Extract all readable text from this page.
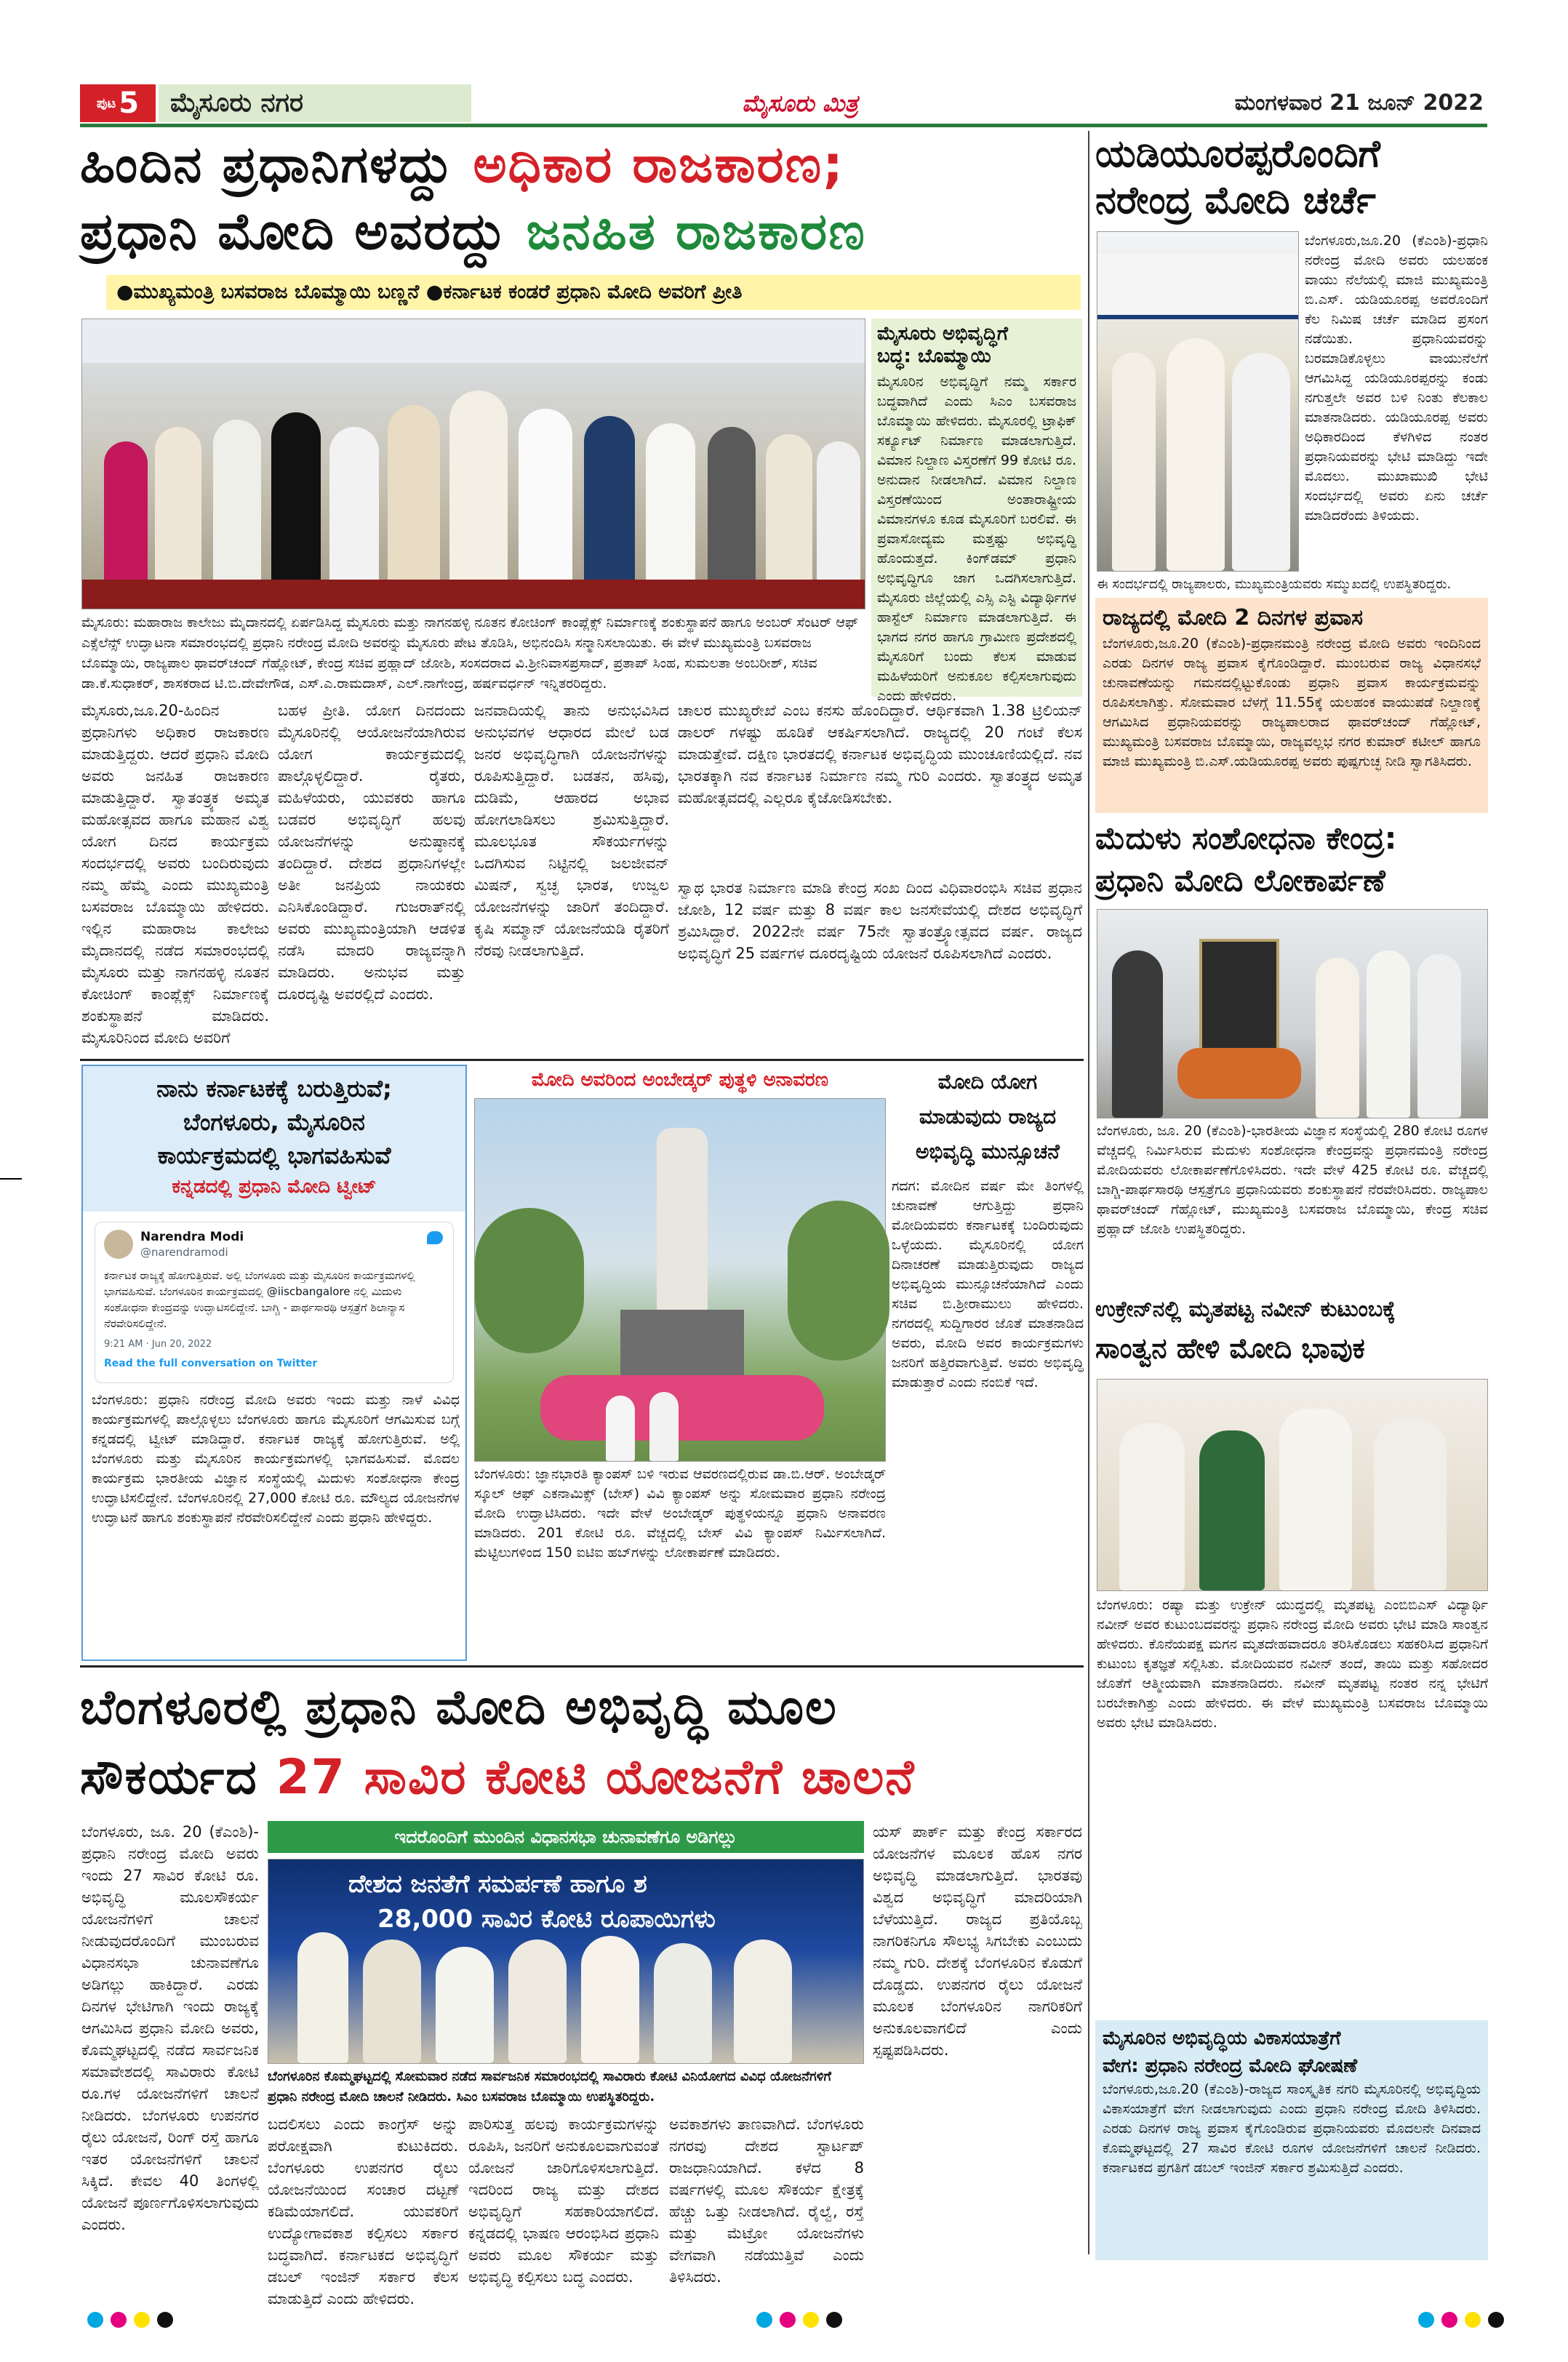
ಪುಟ 5	ಮೈಸೂರು ನಗರ	ಮೈಸೂರು ಮಿತ್ರ	ಮಂಗಳವಾರ 21 ಜೂನ್ 2022
ಹಿಂದಿನ ಪ್ರಧಾನಿಗಳದ್ದು ಅಧಿಕಾರ ರಾಜಕಾರಣ;
ಪ್ರಧಾನಿ ಮೋದಿ ಅವರದ್ದು ಜನಹಿತ ರಾಜಕಾರಣ
●ಮುಖ್ಯಮಂತ್ರಿ ಬಸವರಾಜ ಬೊಮ್ಮಾಯಿ ಬಣ್ಣನೆ ●ಕರ್ನಾಟಕ ಕಂಡರೆ ಪ್ರಧಾನಿ ಮೋದಿ ಅವರಿಗೆ ಪ್ರೀತಿ
ಮೈಸೂರು: ಮಹಾರಾಜ ಕಾಲೇಜು ಮೈದಾನದಲ್ಲಿ ಏರ್ಪಡಿಸಿದ್ದ ಮೈಸೂರು ಮತ್ತು ನಾಗನಹಳ್ಳಿ ನೂತನ ಕೋಚಿಂಗ್ ಕಾಂಪ್ಲೆಕ್ಸ್ ನಿರ್ಮಾಣಕ್ಕೆ ಶಂಕುಸ್ಥಾಪನೆ ಹಾಗೂ ಅಂಬರ್ ಸೆಂಟರ್ ಆಫ್ ಎಕ್ಸೆಲೆನ್ಸ್ ಉದ್ಘಾಟನಾ ಸಮಾರಂಭದಲ್ಲಿ ಪ್ರಧಾನಿ ನರೇಂದ್ರ ಮೋದಿ ಅವರನ್ನು ಮೈಸೂರು ಪೇಟ ತೊಡಿಸಿ, ಅಭಿನಂದಿಸಿ ಸನ್ಮಾನಿಸಲಾಯಿತು. ಈ ವೇಳೆ ಮುಖ್ಯಮಂತ್ರಿ ಬಸವರಾಜ ಬೊಮ್ಮಾಯಿ, ರಾಜ್ಯಪಾಲ ಥಾವರ್‌ಚಂದ್ ಗೆಹ್ಲೋಟ್, ಕೇಂದ್ರ ಸಚಿವ ಪ್ರಹ್ಲಾದ್ ಜೋಶಿ, ಸಂಸದರಾದ ವಿ.ಶ್ರೀನಿವಾಸಪ್ರಸಾದ್, ಪ್ರತಾಪ್ ಸಿಂಹ, ಸುಮಲತಾ ಅಂಬರೀಶ್, ಸಚಿವ ಡಾ.ಕೆ.ಸುಧಾಕರ್, ಶಾಸಕರಾದ ಟಿ.ಬಿ.ದೇವೇಗೌಡ, ಎಸ್.ಎ.ರಾಮದಾಸ್, ಎಲ್.ನಾಗೇಂದ್ರ, ಹರ್ಷವರ್ಧನ್ ಇನ್ನಿತರರಿದ್ದರು.
ಮೈಸೂರು ಅಭಿವೃದ್ಧಿಗೆ
ಬದ್ಧ: ಬೊಮ್ಮಾಯಿ
ಮೈಸೂರಿನ ಅಭಿವೃದ್ಧಿಗೆ ನಮ್ಮ ಸರ್ಕಾರ ಬದ್ಧವಾಗಿದೆ ಎಂದು ಸಿಎಂ ಬಸವರಾಜ ಬೊಮ್ಮಾಯಿ ಹೇಳಿದರು. ಮೈಸೂರಲ್ಲಿ ಟ್ರಾಫಿಕ್ ಸರ್ಕ್ಯೂಟ್ ನಿರ್ಮಾಣ ಮಾಡಲಾಗುತ್ತಿದೆ. ವಿಮಾನ ನಿಲ್ದಾಣ ವಿಸ್ತರಣೆಗೆ 99 ಕೋಟಿ ರೂ. ಅನುದಾನ ನೀಡಲಾಗಿದೆ. ವಿಮಾನ ನಿಲ್ದಾಣ ವಿಸ್ತರಣೆಯಿಂದ ಅಂತಾರಾಷ್ಟ್ರೀಯ ವಿಮಾನಗಳೂ ಕೂಡ ಮೈಸೂರಿಗೆ ಬರಲಿವೆ. ಈ ಪ್ರವಾಸೋದ್ಯಮ ಮತ್ತಷ್ಟು ಅಭಿವೃದ್ಧಿ ಹೊಂದುತ್ತದೆ. ಕಿಂಗ್‌ಡಮ್ ಪ್ರಧಾನಿ ಅಭಿವೃದ್ಧಿಗೂ ಜಾಗ ಒದಗಿಸಲಾಗುತ್ತಿದೆ. ಮೈಸೂರು ಜಿಲ್ಲೆಯಲ್ಲಿ ಎಸ್ಸಿ ಎಸ್ಟಿ ವಿದ್ಯಾರ್ಥಿಗಳ ಹಾಸ್ಟೆಲ್ ನಿರ್ಮಾಣ ಮಾಡಲಾಗುತ್ತಿದೆ. ಈ ಭಾಗದ ನಗರ ಹಾಗೂ ಗ್ರಾಮೀಣ ಪ್ರದೇಶದಲ್ಲಿ ಮೈಸೂರಿಗೆ ಬಂದು ಕೆಲಸ ಮಾಡುವ ಮಹಿಳೆಯರಿಗೆ ಅನುಕೂಲ ಕಲ್ಪಿಸಲಾಗುವುದು ಎಂದು ಹೇಳಿದರು.
ಮೈಸೂರು,ಜೂ.20-ಹಿಂದಿನ ಪ್ರಧಾನಿಗಳು ಅಧಿಕಾರ ರಾಜಕಾರಣ ಮಾಡುತ್ತಿದ್ದರು. ಆದರೆ ಪ್ರಧಾನಿ ಮೋದಿ ಅವರು ಜನಹಿತ ರಾಜಕಾರಣ ಮಾಡುತ್ತಿದ್ದಾರೆ. ಸ್ವಾತಂತ್ರ್ಯಕ ಅಮೃತ ಮಹೋತ್ಸವದ ಹಾಗೂ ಮಹಾನ ವಿಶ್ವ ಯೋಗ ದಿನದ ಕಾರ್ಯಕ್ರಮ ಸಂದರ್ಭದಲ್ಲಿ ಅವರು ಬಂದಿರುವುದು ನಮ್ಮ ಹೆಮ್ಮೆ ಎಂದು ಮುಖ್ಯಮಂತ್ರಿ ಬಸವರಾಜ ಬೊಮ್ಮಾಯಿ ಹೇಳಿದರು. ಇಲ್ಲಿನ ಮಹಾರಾಜ ಕಾಲೇಜು ಮೈದಾನದಲ್ಲಿ ನಡೆದ ಸಮಾರಂಭದಲ್ಲಿ ಮೈಸೂರು ಮತ್ತು ನಾಗನಹಳ್ಳಿ ನೂತನ ಕೋಚಿಂಗ್ ಕಾಂಪ್ಲೆಕ್ಸ್ ನಿರ್ಮಾಣಕ್ಕೆ ಶಂಕುಸ್ಥಾಪನೆ ಮಾಡಿದರು. ಮೈಸೂರಿನಿಂದ ಮೋದಿ ಅವರಿಗೆ
ಬಹಳ ಪ್ರೀತಿ. ಯೋಗ ದಿನದಂದು ಮೈಸೂರಿನಲ್ಲಿ ಆಯೋಜನೆಯಾಗಿರುವ ಯೋಗ ಕಾರ್ಯಕ್ರಮದಲ್ಲಿ ಪಾಲ್ಗೊಳ್ಳಲಿದ್ದಾರೆ. ರೈತರು, ಮಹಿಳೆಯರು, ಯುವಕರು ಹಾಗೂ ಬಡವರ ಅಭಿವೃದ್ಧಿಗೆ ಹಲವು ಯೋಜನೆಗಳನ್ನು ಅನುಷ್ಠಾನಕ್ಕೆ ತಂದಿದ್ದಾರೆ. ದೇಶದ ಪ್ರಧಾನಿಗಳಲ್ಲೇ ಅತೀ ಜನಪ್ರಿಯ ನಾಯಕರು ಎನಿಸಿಕೊಂಡಿದ್ದಾರೆ. ಗುಜರಾತ್‌ನಲ್ಲಿ ಅವರು ಮುಖ್ಯಮಂತ್ರಿಯಾಗಿ ಆಡಳಿತ ನಡೆಸಿ ಮಾದರಿ ರಾಜ್ಯವನ್ನಾಗಿ ಮಾಡಿದರು. ಅನುಭವ ಮತ್ತು ದೂರದೃಷ್ಟಿ ಅವರಲ್ಲಿದೆ ಎಂದರು.
ಜನವಾದಿಯಲ್ಲಿ ತಾನು ಅನುಭವಿಸಿದ ಅನುಭವಗಳ ಆಧಾರದ ಮೇಲೆ ಬಡ ಜನರ ಅಭಿವೃದ್ಧಿಗಾಗಿ ಯೋಜನೆಗಳನ್ನು ರೂಪಿಸುತ್ತಿದ್ದಾರೆ. ಬಡತನ, ಹಸಿವು, ದುಡಿಮೆ, ಆಹಾರದ ಅಭಾವ ಹೋಗಲಾಡಿಸಲು ಶ್ರಮಿಸುತ್ತಿದ್ದಾರೆ. ಮೂಲಭೂತ ಸೌಕರ್ಯಗಳನ್ನು ಒದಗಿಸುವ ನಿಟ್ಟಿನಲ್ಲಿ ಜಲಜೀವನ್ ಮಿಷನ್, ಸ್ವಚ್ಛ ಭಾರತ, ಉಜ್ವಲ ಯೋಜನೆಗಳನ್ನು ಜಾರಿಗೆ ತಂದಿದ್ದಾರೆ. ಕೃಷಿ ಸಮ್ಮಾನ್ ಯೋಜನೆಯಡಿ ರೈತರಿಗೆ ನೆರವು ನೀಡಲಾಗುತ್ತಿದೆ.
ಚಾಲರ ಮುಖ್ಯರೇಖೆ ಎಂಬ ಕನಸು ಹೊಂದಿದ್ದಾರೆ. ಆರ್ಥಿಕವಾಗಿ 1.38 ಟ್ರಿಲಿಯನ್ ಡಾಲರ್ ಗಳಷ್ಟು ಹೂಡಿಕೆ ಆಕರ್ಷಿಸಲಾಗಿದೆ. ರಾಜ್ಯದಲ್ಲಿ 20 ಗಂಟೆ ಕೆಲಸ ಮಾಡುತ್ತೇವೆ. ದಕ್ಷಿಣ ಭಾರತದಲ್ಲಿ ಕರ್ನಾಟಕ ಅಭಿವೃದ್ಧಿಯ ಮುಂಚೂಣಿಯಲ್ಲಿದೆ. ನವ ಭಾರತಕ್ಕಾಗಿ ನವ ಕರ್ನಾಟಕ ನಿರ್ಮಾಣ ನಮ್ಮ ಗುರಿ ಎಂದರು. ಸ್ವಾತಂತ್ರ್ಯದ ಅಮೃತ ಮಹೋತ್ಸವದಲ್ಲಿ ಎಲ್ಲರೂ ಕೈಜೋಡಿಸಬೇಕು.
ಸ್ವಾಥ ಭಾರತ ನಿರ್ಮಾಣ ಮಾಡಿ ಕೇಂದ್ರ ಸಂಖ ದಿಂದ ವಿಧಿವಾರಂಭಿಸಿ ಸಚಿವ ಪ್ರಧಾನ ಜೋಶಿ, 12 ವರ್ಷ ಮತ್ತು 8 ವರ್ಷ ಕಾಲ ಜನಸೇವೆಯಲ್ಲಿ ದೇಶದ ಅಭಿವೃದ್ಧಿಗೆ ಶ್ರಮಿಸಿದ್ದಾರೆ. 2022ನೇ ವರ್ಷ 75ನೇ ಸ್ವಾತಂತ್ರ್ಯೋತ್ಸವದ ವರ್ಷ. ರಾಜ್ಯದ ಅಭಿವೃದ್ಧಿಗೆ 25 ವರ್ಷಗಳ ದೂರದೃಷ್ಟಿಯ ಯೋಜನೆ ರೂಪಿಸಲಾಗಿದೆ ಎಂದರು.
ಯಡಿಯೂರಪ್ಪರೊಂದಿಗೆ
ನರೇಂದ್ರ ಮೋದಿ ಚರ್ಚೆ
ಬೆಂಗಳೂರು,ಜೂ.20 (ಕೆಎಂಶಿ)-ಪ್ರಧಾನಿ ನರೇಂದ್ರ ಮೋದಿ ಅವರು ಯಲಹಂಕ ವಾಯು ನೆಲೆಯಲ್ಲಿ ಮಾಜಿ ಮುಖ್ಯಮಂತ್ರಿ ಬಿ.ಎಸ್. ಯಡಿಯೂರಪ್ಪ ಅವರೊಂದಿಗೆ ಕೆಲ ನಿಮಿಷ ಚರ್ಚೆ ಮಾಡಿದ ಪ್ರಸಂಗ ನಡೆಯಿತು. ಪ್ರಧಾನಿಯವರನ್ನು ಬರಮಾಡಿಕೊಳ್ಳಲು ವಾಯುನೆಲೆಗೆ ಆಗಮಿಸಿದ್ದ ಯಡಿಯೂರಪ್ಪರನ್ನು ಕಂಡು ನಗುತ್ತಲೇ ಅವರ ಬಳಿ ನಿಂತು ಕೆಲಕಾಲ ಮಾತನಾಡಿದರು. ಯಡಿಯೂರಪ್ಪ ಅವರು ಅಧಿಕಾರದಿಂದ ಕೆಳಗಿಳಿದ ನಂತರ ಪ್ರಧಾನಿಯವರನ್ನು ಭೇಟಿ ಮಾಡಿದ್ದು ಇದೇ ಮೊದಲು. ಮುಖಾಮುಖಿ ಭೇಟಿ ಸಂದರ್ಭದಲ್ಲಿ ಅವರು ಏನು ಚರ್ಚೆ ಮಾಡಿದರೆಂದು ತಿಳಿಯದು.
ಈ ಸಂದರ್ಭದಲ್ಲಿ ರಾಜ್ಯಪಾಲರು, ಮುಖ್ಯಮಂತ್ರಿಯವರು ಸಮ್ಮುಖದಲ್ಲಿ ಉಪಸ್ಥಿತರಿದ್ದರು.
ರಾಜ್ಯದಲ್ಲಿ ಮೋದಿ 2 ದಿನಗಳ ಪ್ರವಾಸ
ಬೆಂಗಳೂರು,ಜೂ.20 (ಕೆಎಂಶಿ)-ಪ್ರಧಾನಮಂತ್ರಿ ನರೇಂದ್ರ ಮೋದಿ ಅವರು ಇಂದಿನಿಂದ ಎರಡು ದಿನಗಳ ರಾಜ್ಯ ಪ್ರವಾಸ ಕೈಗೊಂಡಿದ್ದಾರೆ. ಮುಂಬರುವ ರಾಜ್ಯ ವಿಧಾನಸಭೆ ಚುನಾವಣೆಯನ್ನು ಗಮನದಲ್ಲಿಟ್ಟುಕೊಂಡು ಪ್ರಧಾನಿ ಪ್ರವಾಸ ಕಾರ್ಯಕ್ರಮವನ್ನು ರೂಪಿಸಲಾಗಿತ್ತು. ಸೋಮವಾರ ಬೆಳಗ್ಗೆ 11.55ಕ್ಕೆ ಯಲಹಂಕ ವಾಯುಪಡೆ ನಿಲ್ದಾಣಕ್ಕೆ ಆಗಮಿಸಿದ ಪ್ರಧಾನಿಯವರನ್ನು ರಾಜ್ಯಪಾಲರಾದ ಥಾವರ್‌ಚಂದ್ ಗೆಹ್ಲೋಟ್, ಮುಖ್ಯಮಂತ್ರಿ ಬಸವರಾಜ ಬೊಮ್ಮಾಯಿ, ರಾಜ್ಯವಲ್ಲಭ ನಗರ ಕುಮಾರ್ ಕಟೀಲ್ ಹಾಗೂ ಮಾಜಿ ಮುಖ್ಯಮಂತ್ರಿ ಬಿ.ಎಸ್.ಯಡಿಯೂರಪ್ಪ ಅವರು ಪುಷ್ಪಗುಚ್ಛ ನೀಡಿ ಸ್ವಾಗತಿಸಿದರು.
ಮೆದುಳು ಸಂಶೋಧನಾ ಕೇಂದ್ರ:
ಪ್ರಧಾನಿ ಮೋದಿ ಲೋಕಾರ್ಪಣೆ
ಬೆಂಗಳೂರು, ಜೂ. 20 (ಕೆಎಂಶಿ)-ಭಾರತೀಯ ವಿಜ್ಞಾನ ಸಂಸ್ಥೆಯಲ್ಲಿ 280 ಕೋಟಿ ರೂಗಳ ವೆಚ್ಚದಲ್ಲಿ ನಿರ್ಮಿಸಿರುವ ಮೆದುಳು ಸಂಶೋಧನಾ ಕೇಂದ್ರವನ್ನು ಪ್ರಧಾನಮಂತ್ರಿ ನರೇಂದ್ರ ಮೋದಿಯವರು ಲೋಕಾರ್ಪಣೆಗೊಳಿಸಿದರು. ಇದೇ ವೇಳೆ 425 ಕೋಟಿ ರೂ. ವೆಚ್ಚದಲ್ಲಿ ಬಾಗ್ಚಿ-ಪಾರ್ಥಸಾರಥಿ ಆಸ್ಪತ್ರೆಗೂ ಪ್ರಧಾನಿಯವರು ಶಂಕುಸ್ಥಾಪನೆ ನೆರವೇರಿಸಿದರು. ರಾಜ್ಯಪಾಲ ಥಾವರ್‌ಚಂದ್ ಗೆಹ್ಲೋಟ್, ಮುಖ್ಯಮಂತ್ರಿ ಬಸವರಾಜ ಬೊಮ್ಮಾಯಿ, ಕೇಂದ್ರ ಸಚಿವ ಪ್ರಹ್ಲಾದ್ ಜೋಶಿ ಉಪಸ್ಥಿತರಿದ್ದರು.
ಉಕ್ರೇನ್‌ನಲ್ಲಿ ಮೃತಪಟ್ಟ ನವೀನ್ ಕುಟುಂಬಕ್ಕೆ
ಸಾಂತ್ವನ ಹೇಳಿ ಮೋದಿ ಭಾವುಕ
ಬೆಂಗಳೂರು: ರಷ್ಯಾ ಮತ್ತು ಉಕ್ರೇನ್ ಯುದ್ಧದಲ್ಲಿ ಮೃತಪಟ್ಟ ಎಂಬಿಬಿಎಸ್ ವಿದ್ಯಾರ್ಥಿ ನವೀನ್ ಅವರ ಕುಟುಂಬದವರನ್ನು ಪ್ರಧಾನಿ ನರೇಂದ್ರ ಮೋದಿ ಅವರು ಭೇಟಿ ಮಾಡಿ ಸಾಂತ್ವನ ಹೇಳಿದರು. ಕೊನೆಯಪಕ್ಷ ಮಗನ ಮೃತದೇಹವಾದರೂ ತರಿಸಿಕೊಡಲು ಸಹಕರಿಸಿದ ಪ್ರಧಾನಿಗೆ ಕುಟುಂಬ ಕೃತಜ್ಞತೆ ಸಲ್ಲಿಸಿತು. ಮೋದಿಯವರ ನವೀನ್ ತಂದೆ, ತಾಯಿ ಮತ್ತು ಸಹೋದರ ಜೊತೆಗೆ ಆತ್ಮೀಯವಾಗಿ ಮಾತನಾಡಿದರು. ನವೀನ್ ಮೃತಪಟ್ಟ ನಂತರ ನನ್ನ ಭೇಟಿಗೆ ಬರಬೇಕಾಗಿತ್ತು ಎಂದು ಹೇಳಿದರು. ಈ ವೇಳೆ ಮುಖ್ಯಮಂತ್ರಿ ಬಸವರಾಜ ಬೊಮ್ಮಾಯಿ ಅವರು ಭೇಟಿ ಮಾಡಿಸಿದರು.
ಮೈಸೂರಿನ ಅಭಿವೃದ್ಧಿಯ ವಿಕಾಸಯಾತ್ರೆಗೆ
ವೇಗ: ಪ್ರಧಾನಿ ನರೇಂದ್ರ ಮೋದಿ ಘೋಷಣೆ
ಬೆಂಗಳೂರು,ಜೂ.20 (ಕೆಎಂಶಿ)-ರಾಜ್ಯದ ಸಾಂಸ್ಕೃತಿಕ ನಗರಿ ಮೈಸೂರಿನಲ್ಲಿ ಅಭಿವೃದ್ಧಿಯ ವಿಕಾಸಯಾತ್ರೆಗೆ ವೇಗ ನೀಡಲಾಗುವುದು ಎಂದು ಪ್ರಧಾನಿ ನರೇಂದ್ರ ಮೋದಿ ತಿಳಿಸಿದರು. ಎರಡು ದಿನಗಳ ರಾಜ್ಯ ಪ್ರವಾಸ ಕೈಗೊಂಡಿರುವ ಪ್ರಧಾನಿಯವರು ಮೊದಲನೇ ದಿನವಾದ ಕೊಮ್ಮಘಟ್ಟದಲ್ಲಿ 27 ಸಾವಿರ ಕೋಟಿ ರೂಗಳ ಯೋಜನೆಗಳಿಗೆ ಚಾಲನೆ ನೀಡಿದರು. ಕರ್ನಾಟಕದ ಪ್ರಗತಿಗೆ ಡಬಲ್ ಇಂಜಿನ್ ಸರ್ಕಾರ ಶ್ರಮಿಸುತ್ತಿದೆ ಎಂದರು.
ನಾನು ಕರ್ನಾಟಕಕ್ಕೆ ಬರುತ್ತಿರುವೆ;
ಬೆಂಗಳೂರು, ಮೈಸೂರಿನ
ಕಾರ್ಯಕ್ರಮದಲ್ಲಿ ಭಾಗವಹಿಸುವೆ
ಕನ್ನಡದಲ್ಲಿ ಪ್ರಧಾನಿ ಮೋದಿ ಟ್ವೀಟ್
Narendra Modi
@narendramodi
ಕರ್ನಾಟಕ ರಾಜ್ಯಕ್ಕೆ ಹೋಗುತ್ತಿರುವೆ. ಅಲ್ಲಿ ಬೆಂಗಳೂರು ಮತ್ತು ಮೈಸೂರಿನ ಕಾರ್ಯಕ್ರಮಗಳಲ್ಲಿ ಭಾಗವಹಿಸುವೆ. ಬೆಂಗಳೂರಿನ ಕಾರ್ಯಕ್ರಮದಲ್ಲಿ @iiscbangalore ನಲ್ಲಿ ಮಿದುಳು ಸಂಶೋಧನಾ ಕೇಂದ್ರವನ್ನು ಉದ್ಘಾಟಿಸಲಿದ್ದೇನೆ. ಬಾಗ್ಚಿ - ಪಾರ್ಥಸಾರಥಿ ಆಸ್ಪತ್ರೆಗೆ ಶಿಲಾನ್ಯಾಸ ನೆರವೇರಿಸಲಿದ್ದೇನೆ.
9:21 AM · Jun 20, 2022
Read the full conversation on Twitter
ಬೆಂಗಳೂರು: ಪ್ರಧಾನಿ ನರೇಂದ್ರ ಮೋದಿ ಅವರು ಇಂದು ಮತ್ತು ನಾಳೆ ವಿವಿಧ ಕಾರ್ಯಕ್ರಮಗಳಲ್ಲಿ ಪಾಲ್ಗೊಳ್ಳಲು ಬೆಂಗಳೂರು ಹಾಗೂ ಮೈಸೂರಿಗೆ ಆಗಮಿಸುವ ಬಗ್ಗೆ ಕನ್ನಡದಲ್ಲಿ ಟ್ವೀಟ್ ಮಾಡಿದ್ದಾರೆ. ಕರ್ನಾಟಕ ರಾಜ್ಯಕ್ಕೆ ಹೋಗುತ್ತಿರುವೆ. ಅಲ್ಲಿ ಬೆಂಗಳೂರು ಮತ್ತು ಮೈಸೂರಿನ ಕಾರ್ಯಕ್ರಮಗಳಲ್ಲಿ ಭಾಗವಹಿಸುವೆ. ಮೊದಲ ಕಾರ್ಯಕ್ರಮ ಭಾರತೀಯ ವಿಜ್ಞಾನ ಸಂಸ್ಥೆಯಲ್ಲಿ ಮಿದುಳು ಸಂಶೋಧನಾ ಕೇಂದ್ರ ಉದ್ಘಾಟಿಸಲಿದ್ದೇನೆ. ಬೆಂಗಳೂರಿನಲ್ಲಿ 27,000 ಕೋಟಿ ರೂ. ಮೌಲ್ಯದ ಯೋಜನೆಗಳ ಉದ್ಘಾಟನೆ ಹಾಗೂ ಶಂಕುಸ್ಥಾಪನೆ ನೆರವೇರಿಸಲಿದ್ದೇನೆ ಎಂದು ಪ್ರಧಾನಿ ಹೇಳಿದ್ದರು.
ಮೋದಿ ಅವರಿಂದ ಅಂಬೇಡ್ಕರ್ ಪುತ್ಥಳಿ ಅನಾವರಣ
ಬೆಂಗಳೂರು: ಜ್ಞಾನಭಾರತಿ ಕ್ಯಾಂಪಸ್ ಬಳಿ ಇರುವ ಆವರಣದಲ್ಲಿರುವ ಡಾ.ಬಿ.ಆರ್. ಅಂಬೇಡ್ಕರ್ ಸ್ಕೂಲ್ ಆಫ್ ಎಕನಾಮಿಕ್ಸ್ (ಬೇಸ್) ವಿವಿ ಕ್ಯಾಂಪಸ್ ಅನ್ನು ಸೋಮವಾರ ಪ್ರಧಾನಿ ನರೇಂದ್ರ ಮೋದಿ ಉದ್ಘಾಟಿಸಿದರು. ಇದೇ ವೇಳೆ ಅಂಬೇಡ್ಕರ್ ಪುತ್ಥಳಿಯನ್ನೂ ಪ್ರಧಾನಿ ಅನಾವರಣ ಮಾಡಿದರು. 201 ಕೋಟಿ ರೂ. ವೆಚ್ಚದಲ್ಲಿ ಬೇಸ್ ವಿವಿ ಕ್ಯಾಂಪಸ್ ನಿರ್ಮಿಸಲಾಗಿದೆ. ಮೆಟ್ಟಿಲುಗಳಿಂದ 150 ಐಟಿಐ ಹಬ್‌ಗಳನ್ನು ಲೋಕಾರ್ಪಣೆ ಮಾಡಿದರು.
ಮೋದಿ ಯೋಗ
ಮಾಡುವುದು ರಾಜ್ಯದ
ಅಭಿವೃದ್ಧಿ ಮುನ್ಸೂಚನೆ
ಗದಗ: ಮೋದಿನ ವರ್ಷ ಮೇ ತಿಂಗಳಲ್ಲಿ ಚುನಾವಣೆ ಆಗುತ್ತಿದ್ದು ಪ್ರಧಾನಿ ಮೋದಿಯವರು ಕರ್ನಾಟಕಕ್ಕೆ ಬಂದಿರುವುದು ಒಳ್ಳೆಯದು. ಮೈಸೂರಿನಲ್ಲಿ ಯೋಗ ದಿನಾಚರಣೆ ಮಾಡುತ್ತಿರುವುದು ರಾಜ್ಯದ ಅಭಿವೃದ್ಧಿಯ ಮುನ್ಸೂಚನೆಯಾಗಿದೆ ಎಂದು ಸಚಿವ ಬಿ.ಶ್ರೀರಾಮುಲು ಹೇಳಿದರು. ನಗರದಲ್ಲಿ ಸುದ್ದಿಗಾರರ ಜೊತೆ ಮಾತನಾಡಿದ ಅವರು, ಮೋದಿ ಅವರ ಕಾರ್ಯಕ್ರಮಗಳು ಜನರಿಗೆ ಹತ್ತಿರವಾಗುತ್ತಿವೆ. ಅವರು ಅಭಿವೃದ್ಧಿ ಮಾಡುತ್ತಾರೆ ಎಂದು ನಂಬಿಕೆ ಇದೆ.
ಬೆಂಗಳೂರಲ್ಲಿ ಪ್ರಧಾನಿ ಮೋದಿ ಅಭಿವೃದ್ಧಿ ಮೂಲ
ಸೌಕರ್ಯದ 27 ಸಾವಿರ ಕೋಟಿ ಯೋಜನೆಗೆ ಚಾಲನೆ
ಬೆಂಗಳೂರು, ಜೂ. 20 (ಕೆಎಂಶಿ)- ಪ್ರಧಾನಿ ನರೇಂದ್ರ ಮೋದಿ ಅವರು ಇಂದು 27 ಸಾವಿರ ಕೋಟಿ ರೂ. ಅಭಿವೃದ್ಧಿ ಮೂಲಸೌಕರ್ಯ ಯೋಜನೆಗಳಿಗೆ ಚಾಲನೆ ನೀಡುವುದರೊಂದಿಗೆ ಮುಂಬರುವ ವಿಧಾನಸಭಾ ಚುನಾವಣೆಗೂ ಅಡಿಗಲ್ಲು ಹಾಕಿದ್ದಾರೆ. ಎರಡು ದಿನಗಳ ಭೇಟಿಗಾಗಿ ಇಂದು ರಾಜ್ಯಕ್ಕೆ ಆಗಮಿಸಿದ ಪ್ರಧಾನಿ ಮೋದಿ ಅವರು, ಕೊಮ್ಮಘಟ್ಟದಲ್ಲಿ ನಡೆದ ಸಾರ್ವಜನಿಕ ಸಮಾವೇಶದಲ್ಲಿ ಸಾವಿರಾರು ಕೋಟಿ ರೂ.ಗಳ ಯೋಜನೆಗಳಿಗೆ ಚಾಲನೆ ನೀಡಿದರು. ಬೆಂಗಳೂರು ಉಪನಗರ ರೈಲು ಯೋಜನೆ, ರಿಂಗ್ ರಸ್ತೆ ಹಾಗೂ ಇತರ ಯೋಜನೆಗಳಿಗೆ ಚಾಲನೆ ಸಿಕ್ಕಿದೆ. ಕೇವಲ 40 ತಿಂಗಳಲ್ಲಿ ಯೋಜನೆ ಪೂರ್ಣಗೊಳಿಸಲಾಗುವುದು ಎಂದರು.
ಇದರೊಂದಿಗೆ ಮುಂದಿನ ವಿಧಾನಸಭಾ ಚುನಾವಣೆಗೂ ಅಡಿಗಲ್ಲು
ದೇಶದ ಜನತೆಗೆ ಸಮರ್ಪಣೆ ಹಾಗೂ ಶ
28,000 ಸಾವಿರ ಕೋಟಿ ರೂಪಾಯಿಗಳು
ಬೆಂಗಳೂರಿನ ಕೊಮ್ಮಘಟ್ಟದಲ್ಲಿ ಸೋಮವಾರ ನಡೆದ ಸಾರ್ವಜನಿಕ ಸಮಾರಂಭದಲ್ಲಿ ಸಾವಿರಾರು ಕೋಟಿ ವಿನಿಯೋಗದ ವಿವಿಧ ಯೋಜನೆಗಳಿಗೆ ಪ್ರಧಾನಿ ನರೇಂದ್ರ ಮೋದಿ ಚಾಲನೆ ನೀಡಿದರು. ಸಿಎಂ ಬಸವರಾಜ ಬೊಮ್ಮಾಯಿ ಉಪಸ್ಥಿತರಿದ್ದರು.
ಬದಲಿಸಲು ಎಂದು ಕಾಂಗ್ರೆಸ್ ಅನ್ನು ಪರೋಕ್ಷವಾಗಿ ಕುಟುಕಿದರು. ಬೆಂಗಳೂರು ಉಪನಗರ ರೈಲು ಯೋಜನೆಯಿಂದ ಸಂಚಾರ ದಟ್ಟಣೆ ಕಡಿಮೆಯಾಗಲಿದೆ. ಯುವಕರಿಗೆ ಉದ್ಯೋಗಾವಕಾಶ ಕಲ್ಪಿಸಲು ಸರ್ಕಾರ ಬದ್ಧವಾಗಿದೆ. ಕರ್ನಾಟಕದ ಅಭಿವೃದ್ಧಿಗೆ ಡಬಲ್ ಇಂಜಿನ್ ಸರ್ಕಾರ ಕೆಲಸ ಮಾಡುತ್ತಿದೆ ಎಂದು ಹೇಳಿದರು.
ಪಾರಿಸುತ್ತ ಹಲವು ಕಾರ್ಯಕ್ರಮಗಳನ್ನು ರೂಪಿಸಿ, ಜನರಿಗೆ ಅನುಕೂಲವಾಗುವಂತೆ ಯೋಜನೆ ಜಾರಿಗೊಳಿಸಲಾಗುತ್ತಿದೆ. ಇದರಿಂದ ರಾಜ್ಯ ಮತ್ತು ದೇಶದ ಅಭಿವೃದ್ಧಿಗೆ ಸಹಕಾರಿಯಾಗಲಿದೆ. ಕನ್ನಡದಲ್ಲಿ ಭಾಷಣ ಆರಂಭಿಸಿದ ಪ್ರಧಾನಿ ಅವರು ಮೂಲ ಸೌಕರ್ಯ ಮತ್ತು ಅಭಿವೃದ್ಧಿ ಕಲ್ಪಿಸಲು ಬದ್ಧ ಎಂದರು.
ಅವಕಾಶಗಳು ತಾಣವಾಗಿದೆ. ಬೆಂಗಳೂರು ನಗರವು ದೇಶದ ಸ್ಟಾರ್ಟಪ್ ರಾಜಧಾನಿಯಾಗಿದೆ. ಕಳೆದ 8 ವರ್ಷಗಳಲ್ಲಿ ಮೂಲ ಸೌಕರ್ಯ ಕ್ಷೇತ್ರಕ್ಕೆ ಹೆಚ್ಚು ಒತ್ತು ನೀಡಲಾಗಿದೆ. ರೈಲ್ವೆ, ರಸ್ತೆ ಮತ್ತು ಮೆಟ್ರೋ ಯೋಜನೆಗಳು ವೇಗವಾಗಿ ನಡೆಯುತ್ತಿವೆ ಎಂದು ತಿಳಿಸಿದರು.
ಯಸ್ ಪಾರ್ಕ್ ಮತ್ತು ಕೇಂದ್ರ ಸರ್ಕಾರದ ಯೋಜನೆಗಳ ಮೂಲಕ ಹೊಸ ನಗರ ಅಭಿವೃದ್ಧಿ ಮಾಡಲಾಗುತ್ತಿದೆ. ಭಾರತವು ವಿಶ್ವದ ಅಭಿವೃದ್ಧಿಗೆ ಮಾದರಿಯಾಗಿ ಬೆಳೆಯುತ್ತಿದೆ. ರಾಜ್ಯದ ಪ್ರತಿಯೊಬ್ಬ ನಾಗರಿಕನಿಗೂ ಸೌಲಭ್ಯ ಸಿಗಬೇಕು ಎಂಬುದು ನಮ್ಮ ಗುರಿ. ದೇಶಕ್ಕೆ ಬೆಂಗಳೂರಿನ ಕೊಡುಗೆ ದೊಡ್ಡದು. ಉಪನಗರ ರೈಲು ಯೋಜನೆ ಮೂಲಕ ಬೆಂಗಳೂರಿನ ನಾಗರಿಕರಿಗೆ ಅನುಕೂಲವಾಗಲಿದೆ ಎಂದು ಸ್ಪಷ್ಟಪಡಿಸಿದರು.
